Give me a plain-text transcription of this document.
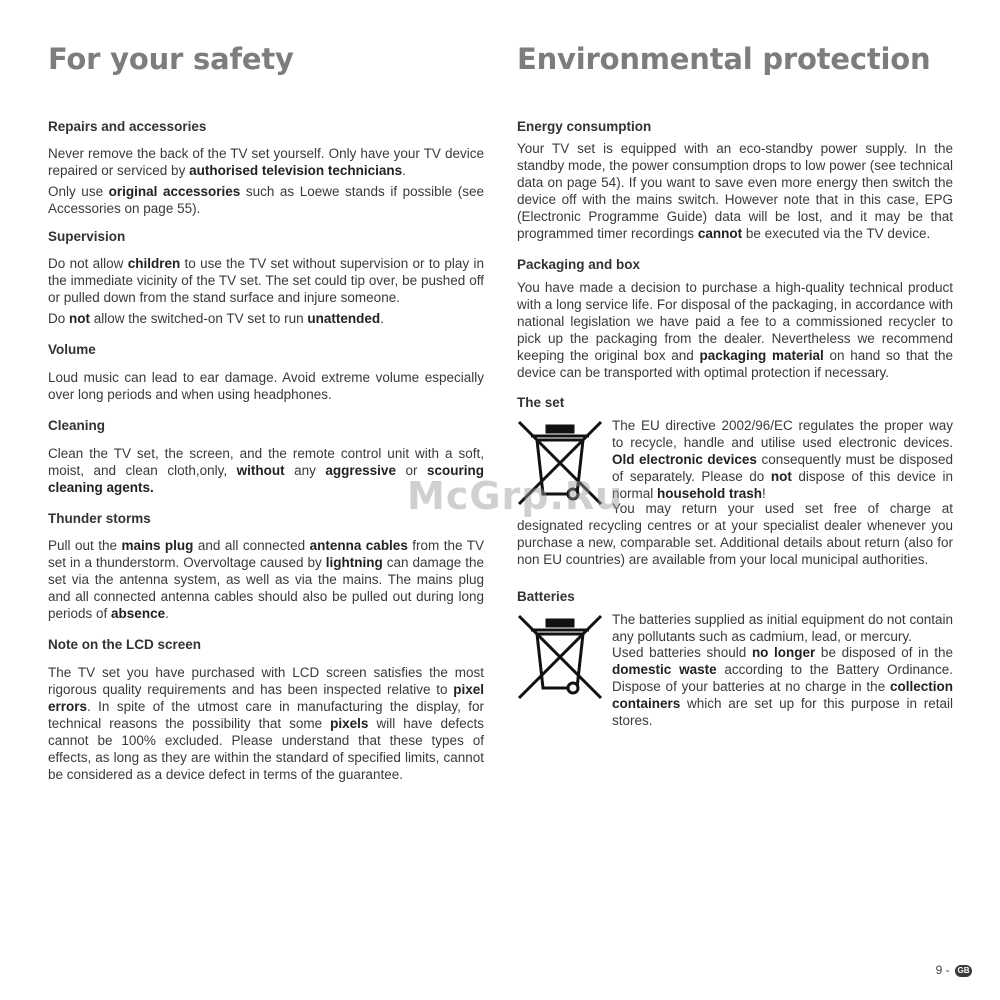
For your safety
Repairs and accessories

Never remove the back of the TV set yourself. Only have your TV device repaired or serviced by authorised television technicians.

Only use original accessories such as Loewe stands if possible (see Accessories on page 55).

Supervision

Do not allow children to use the TV set without supervision or to play in the immediate vicinity of the TV set. The set could tip over, be pushed off or pulled down from the stand surface and injure someone.

Do not allow the switched-on TV set to run unattended.

Volume

Loud music can lead to ear damage. Avoid extreme volume especially over long periods and when using headphones.

Cleaning

Clean the TV set, the screen, and the remote control unit with a soft, moist, and clean cloth,only, without any aggressive or scouring cleaning agents.

Thunder storms

Pull out the mains plug and all connected antenna cables from the TV set in a thunderstorm. Overvoltage caused by lightning can damage the set via the antenna system, as well as via the mains. The mains plug and all connected antenna cables should also be pulled out during long periods of absence.

Note on the LCD screen

The TV set you have purchased with LCD screen satisfies the most rigorous quality requirements and has been inspected relative to pixel errors. In spite of the utmost care in manufacturing the display, for technical reasons the possibility that some pixels will have defects cannot be 100% excluded. Please understand that these types of effects, as long as they are within the standard of specified limits, cannot be considered as a device defect in terms of the guarantee.

Environmental protection
Energy consumption

Your TV set is equipped with an eco-standby power supply. In the standby mode, the power consumption drops to low power (see technical data on page 54). If you want to save even more energy then switch the device off with the mains switch. However note that in this case, EPG (Electronic Programme Guide) data will be lost, and it may be that programmed timer recordings cannot be executed via the TV device.

Packaging and box

You have made a decision to purchase a high-quality technical product with a long service life. For disposal of the packaging, in accordance with national legislation we have paid a fee to a commissioned recycler to pick up the packaging from the dealer. Nevertheless we recommend keeping the original box and packaging material on hand so that the device can be transported with optimal protection if necessary.

The set

The EU directive 2002/96/EC regulates the proper way to recycle, handle and utilise used electronic devices. Old electronic devices consequently must be disposed of separately. Please do not dispose of this device in normal household trash!

You may return your used set free of charge at designated recycling centres or at your specialist dealer whenever you purchase a new, comparable set. Additional details about return (also for non EU countries) are available from your local municipal authorities.

Batteries

The batteries supplied as initial equipment do not contain any pollutants such as cadmium, lead, or mercury.

Used batteries should no longer be disposed of in the domestic waste according to the Battery Ordinance. Dispose of your batteries at no charge in the collection containers which are set up for this purpose in retail stores.

McGrp.Ru
9 - GB
